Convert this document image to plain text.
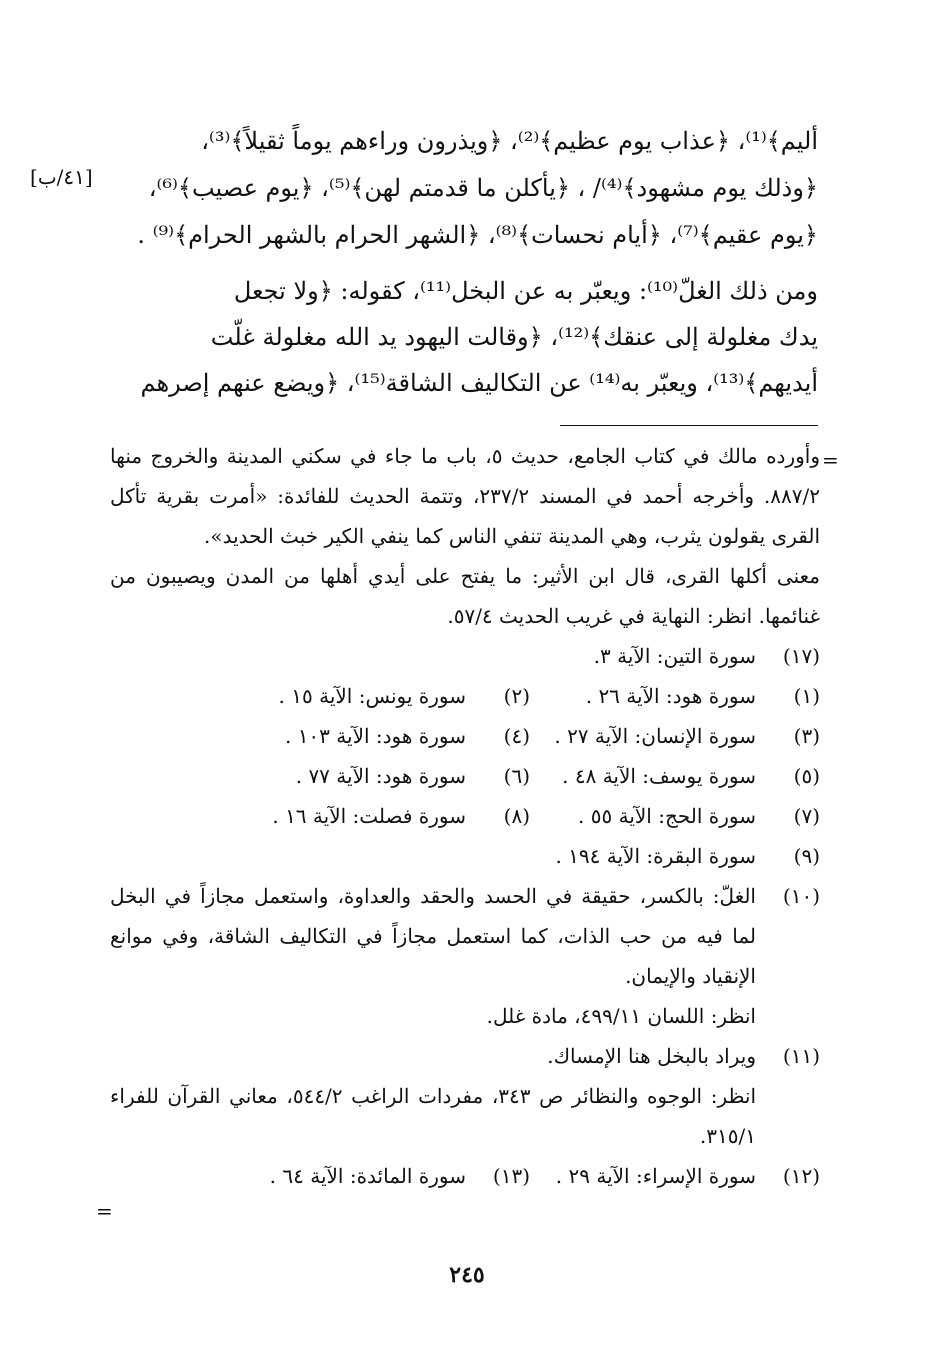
أليم﴾⁽¹⁾، ﴿عذاب يوم عظيم﴾⁽²⁾، ﴿ويذرون وراءهم يوماً ثقيلاً﴾⁽³⁾،

﴿وذلك يوم مشهود﴾⁽⁴⁾/ ، ﴿يأكلن ما قدمتم لهن﴾⁽⁵⁾، ﴿يوم عصيب﴾⁽⁶⁾،

﴿يوم عقيم﴾⁽⁷⁾، ﴿أيام نحسات﴾⁽⁸⁾، ﴿الشهر الحرام بالشهر الحرام﴾⁽⁹⁾ .

ومن ذلك الغلّ⁽¹⁰⁾: ويعبّر به عن البخل⁽¹¹⁾، كقوله: ﴿ولا تجعل

يدك مغلولة إلى عنقك﴾⁽¹²⁾، ﴿وقالت اليهود يد الله مغلولة غلّت

أيديهم﴾⁽¹³⁾، ويعبّر به⁽¹⁴⁾ عن التكاليف الشاقة⁽¹⁵⁾، ﴿ويضع عنهم إصرهم

[٤١/ب]
=

وأورده مالك في كتاب الجامع، حديث ٥، باب ما جاء في سكني المدينة والخروج منها ٨٨٧/٢. وأخرجه أحمد في المسند ٢٣٧/٢، وتتمة الحديث للفائدة: «أمرت بقرية تأكل القرى يقولون يثرب، وهي المدينة تنفي الناس كما ينفي الكير خبث الحديد».

معنى أكلها القرى، قال ابن الأثير: ما يفتح على أيدي أهلها من المدن ويصيبون من غنائمها. انظر: النهاية في غريب الحديث ٥٧/٤.

(١٧)
سورة التين: الآية ٣.
(١)
سورة هود: الآية ٢٦ .
(٢)
سورة يونس: الآية ١٥ .
(٣)
سورة الإنسان: الآية ٢٧ .
(٤)
سورة هود: الآية ١٠٣ .
(٥)
سورة يوسف: الآية ٤٨ .
(٦)
سورة هود: الآية ٧٧ .
(٧)
سورة الحج: الآية ٥٥ .
(٨)
سورة فصلت: الآية ١٦ .
(٩)
سورة البقرة: الآية ١٩٤ .
(١٠)
الغلّ: بالكسر، حقيقة في الحسد والحقد والعداوة، واستعمل مجازاً في البخل لما فيه من حب الذات، كما استعمل مجازاً في التكاليف الشاقة، وفي موانع الإنقياد والإيمان.

انظر: اللسان ٤٩٩/١١، مادة غلل.

(١١)
ويراد بالبخل هنا الإمساك.

انظر: الوجوه والنظائر ص ٣٤٣، مفردات الراغب ٥٤٤/٢، معاني القرآن للفراء ٣١٥/١.

(١٢)
سورة الإسراء: الآية ٢٩ .
(١٣)
سورة المائدة: الآية ٦٤ .
=
٢٤٥
